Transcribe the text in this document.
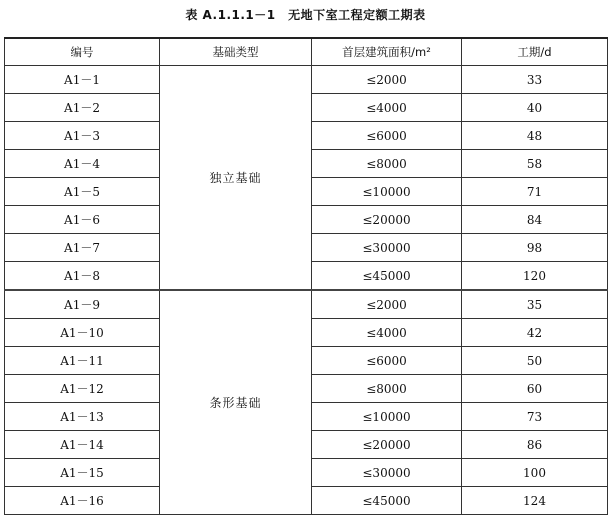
表 A.1.1.1－1　无地下室工程定额工期表
编号	基础类型	首层建筑面积/m²	工期/d
A1－1	独立基础	≤2000	33
A1－2		≤4000	40
A1－3		≤6000	48
A1－4		≤8000	58
A1－5		≤10000	71
A1－6		≤20000	84
A1－7		≤30000	98
A1－8		≤45000	120
A1－9	条形基础	≤2000	35
A1－10		≤4000	42
A1－11		≤6000	50
A1－12		≤8000	60
A1－13		≤10000	73
A1－14		≤20000	86
A1－15		≤30000	100
A1－16		≤45000	124
